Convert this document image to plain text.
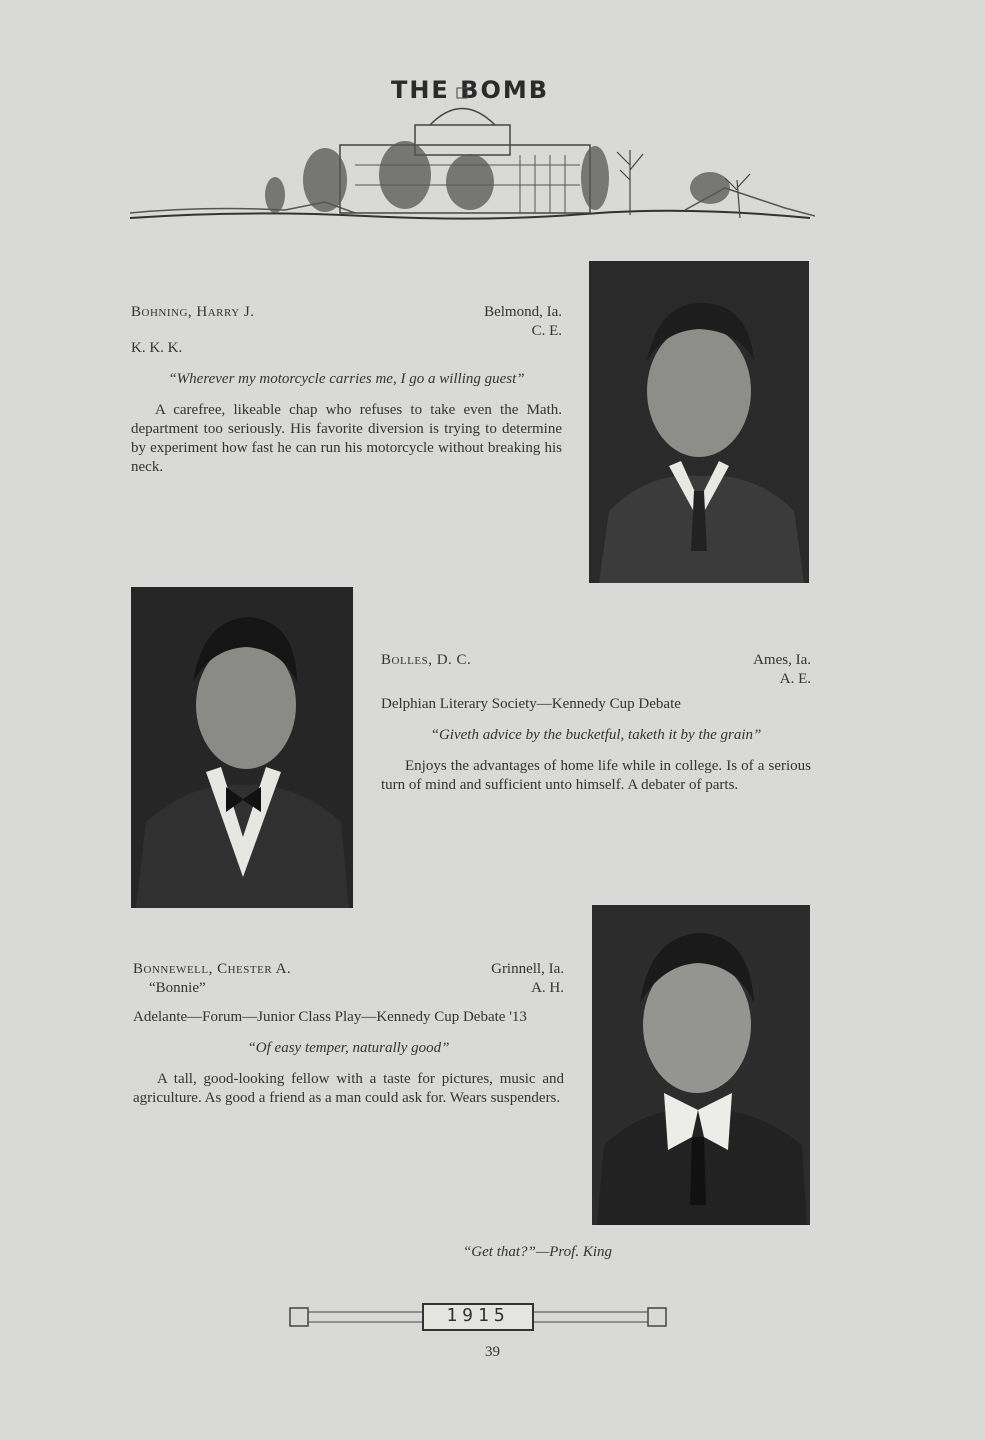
THE BOMB
Bohning, Harry J.	Belmond, Ia.
C. E.
K. K. K.
“Wherever my motorcycle carries me, I go a willing guest”
A carefree, likeable chap who refuses to take even the Math. department too seriously. His favorite diversion is trying to determine by experiment how fast he can run his motorcycle without breaking his neck.
Bolles, D. C.	Ames, Ia.
A. E.
Delphian Literary Society—Kennedy Cup Debate
“Giveth advice by the bucketful, taketh it by the grain”
Enjoys the advantages of home life while in college. Is of a serious turn of mind and sufficient unto himself. A debater of parts.
Bonnewell, Chester A.	Grinnell, Ia.
“Bonnie”	A. H.
Adelante—Forum—Junior Class Play—Kennedy Cup Debate '13
“Of easy temper, naturally good”
A tall, good-looking fellow with a taste for pictures, music and agriculture. As good a friend as a man could ask for. Wears suspenders.
“Get that?”—Prof. King
1915
39
